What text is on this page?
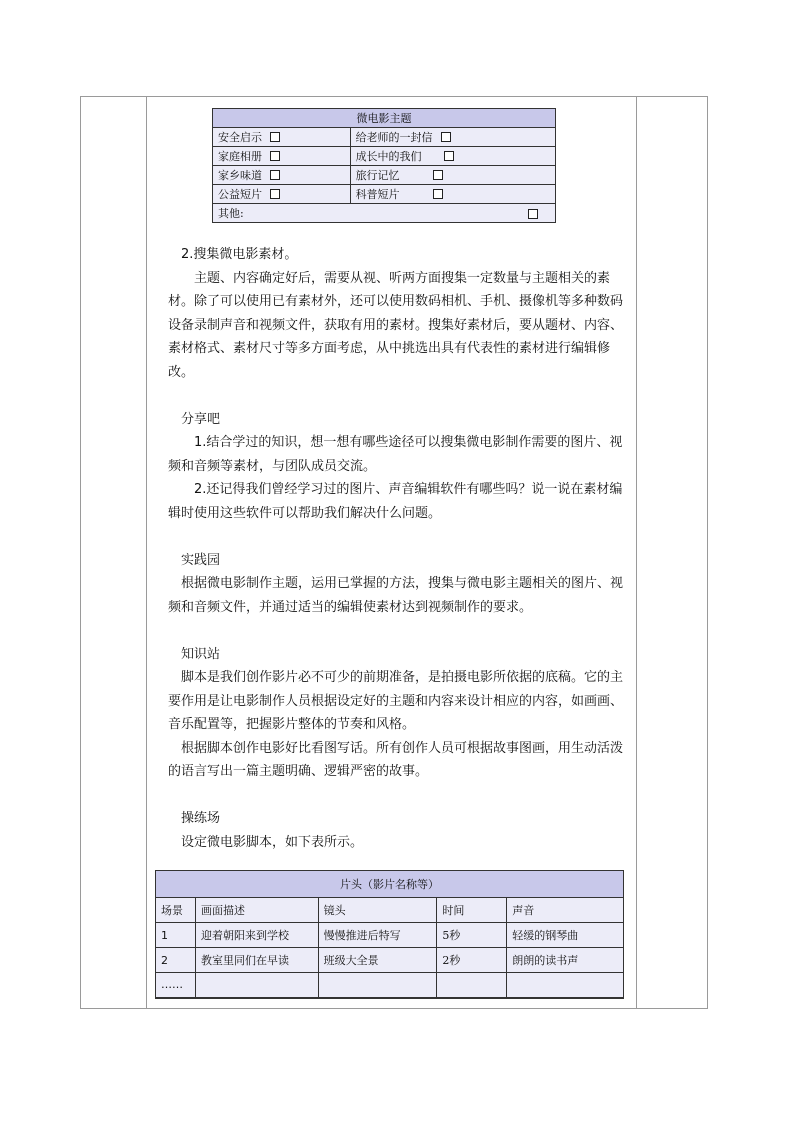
微电影主题	
安全启示	给老师的一封信
家庭相册	成长中的我们
家乡味道	旅行记忆
公益短片	科普短片
其他:	

2.搜集微电影素材。

主题、内容确定好后，需要从视、听两方面搜集一定数量与主题相关的素材。除了可以使用已有素材外，还可以使用数码相机、手机、摄像机等多种数码设备录制声音和视频文件，获取有用的素材。搜集好素材后，要从题材、内容、素材格式、素材尺寸等多方面考虑，从中挑选出具有代表性的素材进行编辑修改。

分享吧

1.结合学过的知识，想一想有哪些途径可以搜集微电影制作需要的图片、视频和音频等素材，与团队成员交流。

2.还记得我们曾经学习过的图片、声音编辑软件有哪些吗？说一说在素材编辑时使用这些软件可以帮助我们解决什么问题。

实践园

根据微电影制作主题，运用已掌握的方法，搜集与微电影主题相关的图片、视频和音频文件，并通过适当的编辑使素材达到视频制作的要求。

知识站

脚本是我们创作影片必不可少的前期准备，是拍摄电影所依据的底稿。它的主要作用是让电影制作人员根据设定好的主题和内容来设计相应的内容，如画画、音乐配置等，把握影片整体的节奏和风格。

根据脚本创作电影好比看图写话。所有创作人员可根据故事图画，用生动活泼的语言写出一篇主题明确、逻辑严密的故事。

操练场

设定微电影脚本，如下表所示。

片头（影片名称等）				
场景	画面描述	镜头	时间	声音
1	迎着朝阳来到学校	慢慢推进后特写	5秒	轻缓的钢琴曲
2	教室里同们在早读	班级大全景	2秒	朗朗的读书声
……				
